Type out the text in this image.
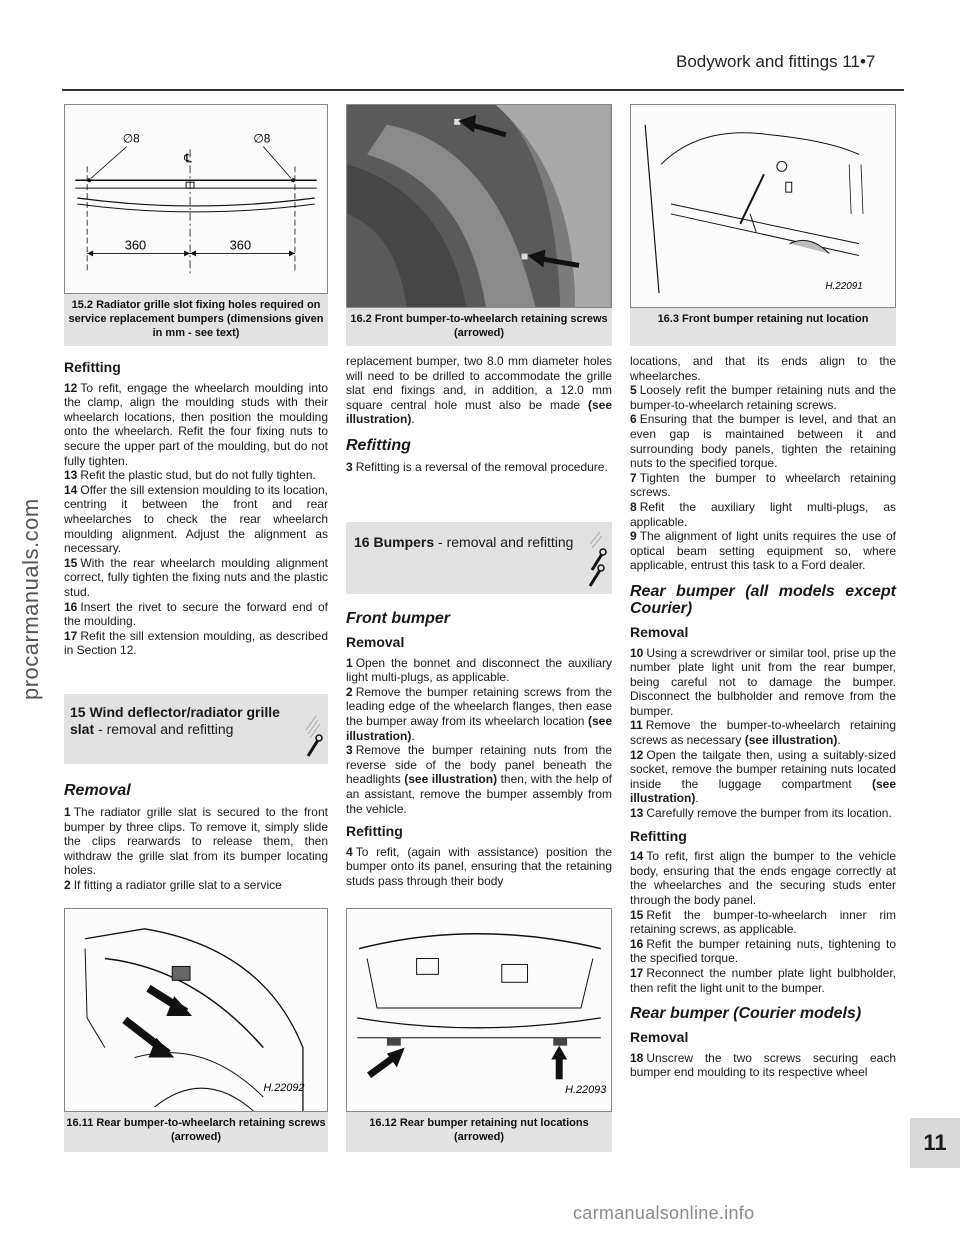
Bodywork and fittings 11•7
procarmanuals.com
∅8	∅8
℄
360	360
15.2 Radiator grille slot fixing holes required on service replacement bumpers (dimensions given in mm - see text)
16.2 Front bumper-to-wheelarch retaining screws (arrowed)
H.22091
16.3 Front bumper retaining nut location
Refitting

12 To refit, engage the wheelarch moulding into the clamp, align the moulding studs with their wheelarch locations, then position the moulding onto the wheelarch. Refit the four fixing nuts to secure the upper part of the moulding, but do not fully tighten.

13 Refit the plastic stud, but do not fully tighten.

14 Offer the sill extension moulding to its location, centring it between the front and rear wheelarches to check the rear wheelarch moulding alignment. Adjust the alignment as necessary.

15 With the rear wheelarch moulding alignment correct, fully tighten the fixing nuts and the plastic stud.

16 Insert the rivet to secure the forward end of the moulding.

17 Refit the sill extension moulding, as described in Section 12.

15 Wind deflector/radiator grille slat - removal and refitting
Removal

1 The radiator grille slat is secured to the front bumper by three clips. To remove it, simply slide the clips rearwards to release them, then withdraw the grille slat from its bumper locating holes.

2 If fitting a radiator grille slat to a service

replacement bumper, two 8.0 mm diameter holes will need to be drilled to accommodate the grille slat end fixings and, in addition, a 12.0 mm square central hole must also be made (see illustration).

Refitting

3 Refitting is a reversal of the removal procedure.

16 Bumpers - removal and refitting
Front bumper
Removal

1 Open the bonnet and disconnect the auxiliary light multi-plugs, as applicable.

2 Remove the bumper retaining screws from the leading edge of the wheelarch flanges, then ease the bumper away from its wheelarch location (see illustration).

3 Remove the bumper retaining nuts from the reverse side of the body panel beneath the headlights (see illustration) then, with the help of an assistant, remove the bumper assembly from the vehicle.

Refitting

4 To refit, (again with assistance) position the bumper onto its panel, ensuring that the retaining studs pass through their body

locations, and that its ends align to the wheelarches.

5 Loosely refit the bumper retaining nuts and the bumper-to-wheelarch retaining screws.

6 Ensuring that the bumper is level, and that an even gap is maintained between it and surrounding body panels, tighten the retaining nuts to the specified torque.

7 Tighten the bumper to wheelarch retaining screws.

8 Refit the auxiliary light multi-plugs, as applicable.

9 The alignment of light units requires the use of optical beam setting equipment so, where applicable, entrust this task to a Ford dealer.

Rear bumper (all models except Courier)
Removal

10 Using a screwdriver or similar tool, prise up the number plate light unit from the rear bumper, being careful not to damage the bumper. Disconnect the bulbholder and remove from the bumper.

11 Remove the bumper-to-wheelarch retaining screws as necessary (see illustration).

12 Open the tailgate then, using a suitably-sized socket, remove the bumper retaining nuts located inside the luggage compartment (see illustration).

13 Carefully remove the bumper from its location.

Refitting

14 To refit, first align the bumper to the vehicle body, ensuring that the ends engage correctly at the wheelarches and the securing studs enter through the body panel.

15 Refit the bumper-to-wheelarch inner rim retaining screws, as applicable.

16 Refit the bumper retaining nuts, tightening to the specified torque.

17 Reconnect the number plate light bulbholder, then refit the light unit to the bumper.

Rear bumper (Courier models)
Removal

18 Unscrew the two screws securing each bumper end moulding to its respective wheel

H.22092
16.11 Rear bumper-to-wheelarch retaining screws (arrowed)
H.22093
16.12 Rear bumper retaining nut locations (arrowed)	11
carmanualsonline.info
